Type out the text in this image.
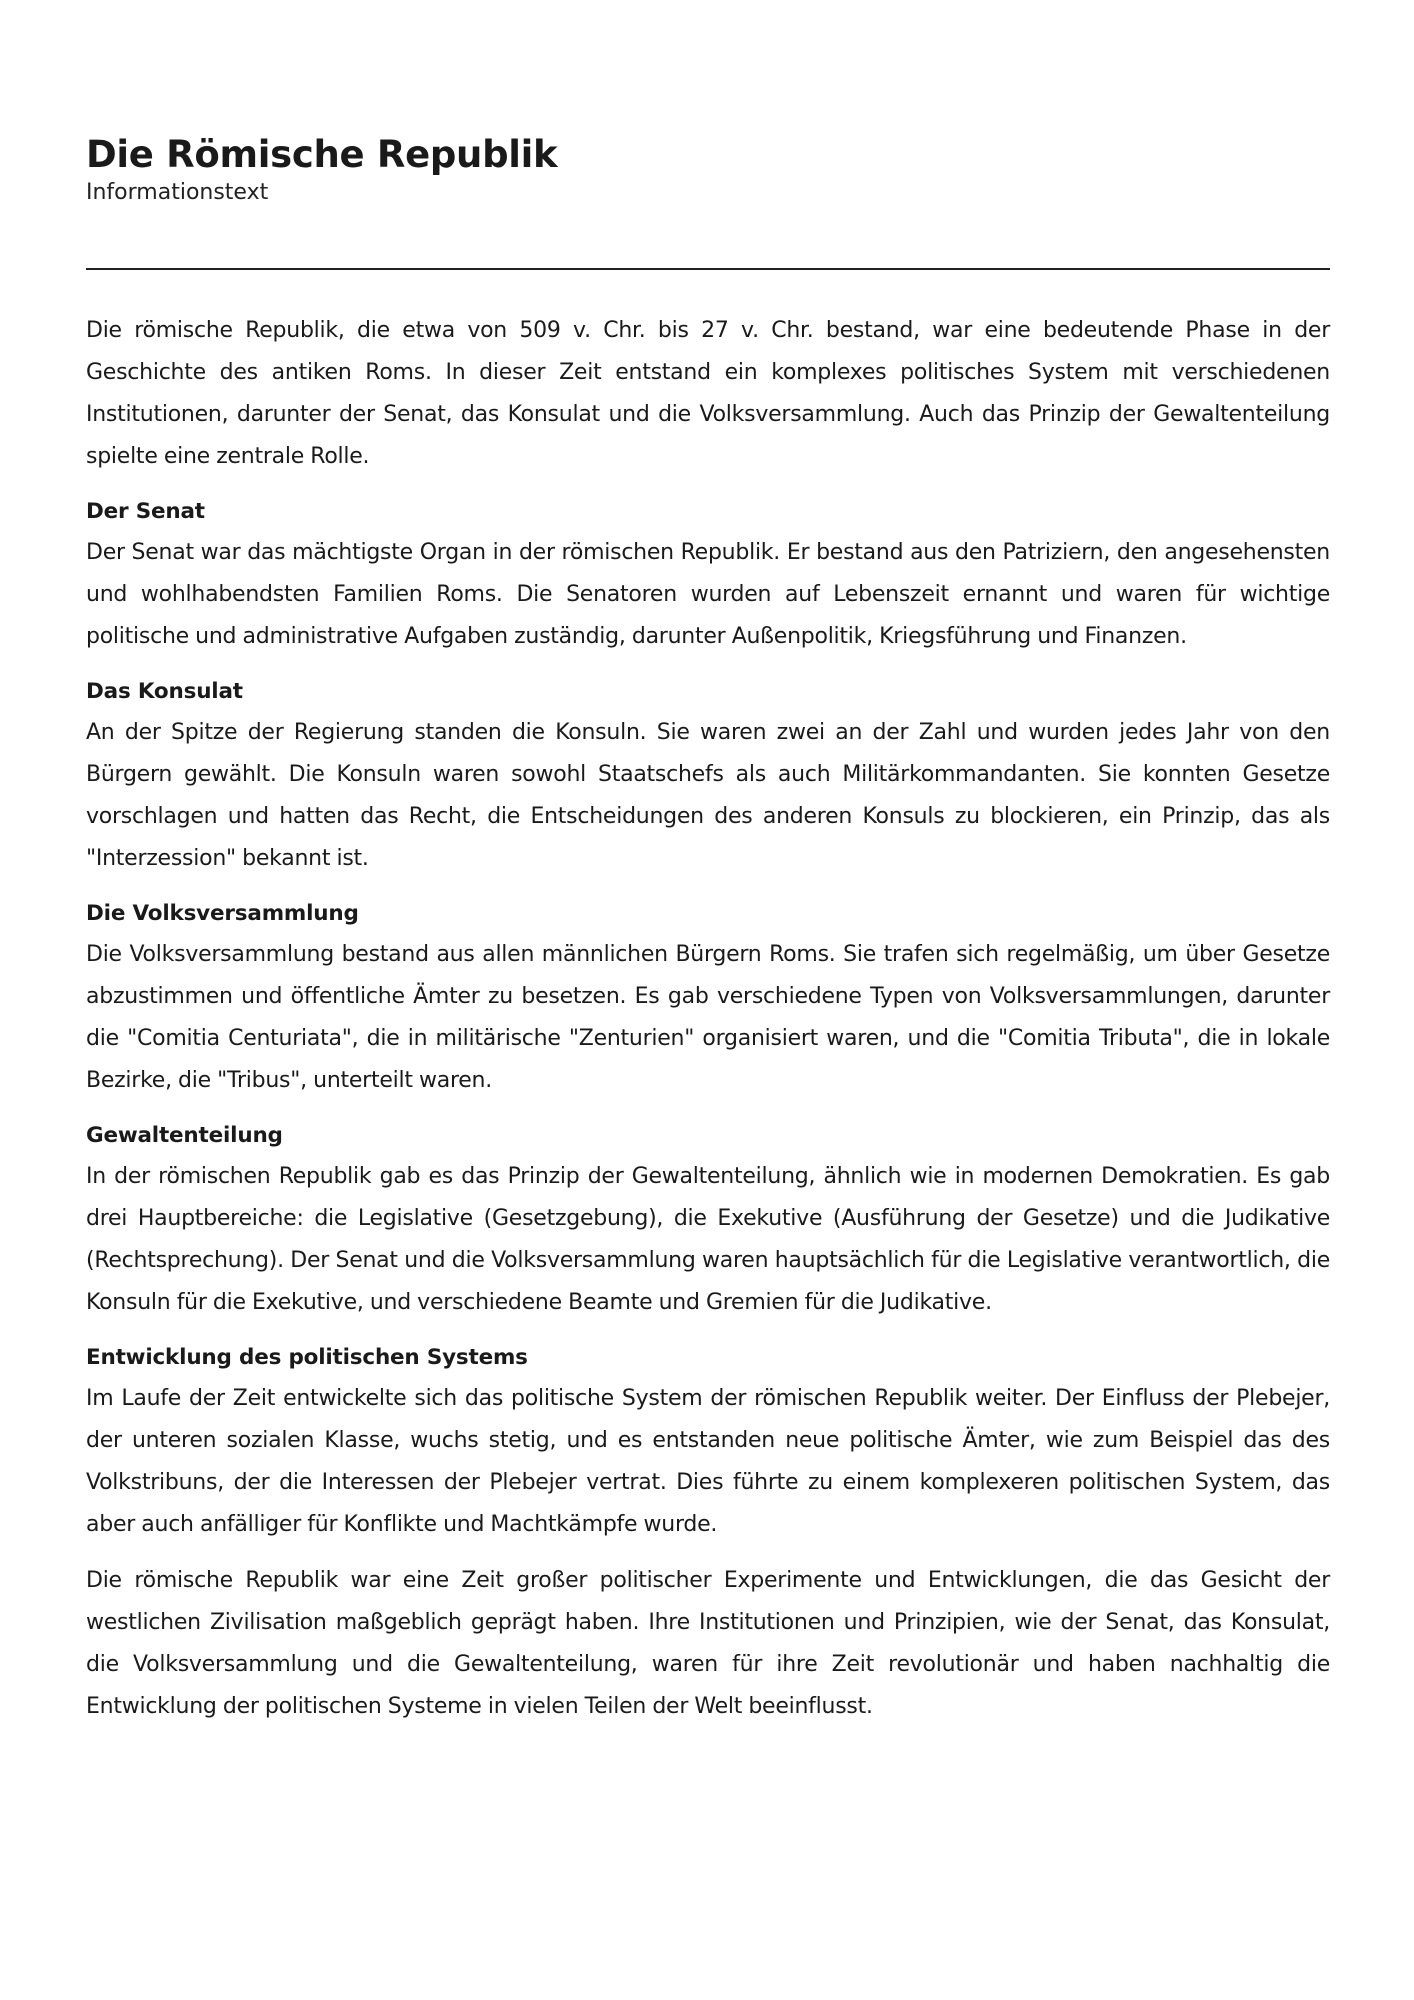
Die Römische Republik

Informationstext

Die römische Republik, die etwa von 509 v. Chr. bis 27 v. Chr. bestand, war eine bedeutende Phase in der Geschichte des antiken Roms. In dieser Zeit entstand ein komplexes politisches System mit verschiedenen Institutionen, darunter der Senat, das Konsulat und die Volksversammlung. Auch das Prinzip der Gewaltenteilung spielte eine zentrale Rolle.

Der Senat

Der Senat war das mächtigste Organ in der römischen Republik. Er bestand aus den Patriziern, den angesehensten und wohlhabendsten Familien Roms. Die Senatoren wurden auf Lebenszeit ernannt und waren für wichtige politische und administrative Aufgaben zuständig, darunter Außenpolitik, Kriegsführung und Finanzen.

Das Konsulat

An der Spitze der Regierung standen die Konsuln. Sie waren zwei an der Zahl und wurden jedes Jahr von den Bürgern gewählt. Die Konsuln waren sowohl Staatschefs als auch Militärkommandanten. Sie konnten Gesetze vorschlagen und hatten das Recht, die Entscheidungen des anderen Konsuls zu blockieren, ein Prinzip, das als "Interzession" bekannt ist.

Die Volksversammlung

Die Volksversammlung bestand aus allen männlichen Bürgern Roms. Sie trafen sich regelmäßig, um über Gesetze abzustimmen und öffentliche Ämter zu besetzen. Es gab verschiedene Typen von Volksversammlungen, darunter die "Comitia Centuriata", die in militärische "Zenturien" organisiert waren, und die "Comitia Tributa", die in lokale Bezirke, die "Tribus", unterteilt waren.

Gewaltenteilung

In der römischen Republik gab es das Prinzip der Gewaltenteilung, ähnlich wie in modernen Demokratien. Es gab drei Hauptbereiche: die Legislative (Gesetzgebung), die Exekutive (Ausführung der Gesetze) und die Judikative (Rechtsprechung). Der Senat und die Volksversammlung waren hauptsächlich für die Legislative verantwortlich, die Konsuln für die Exekutive, und verschiedene Beamte und Gremien für die Judikative.

Entwicklung des politischen Systems

Im Laufe der Zeit entwickelte sich das politische System der römischen Republik weiter. Der Einfluss der Plebejer, der unteren sozialen Klasse, wuchs stetig, und es entstanden neue politische Ämter, wie zum Beispiel das des Volkstribuns, der die Interessen der Plebejer vertrat. Dies führte zu einem komplexeren politischen System, das aber auch anfälliger für Konflikte und Machtkämpfe wurde.

Die römische Republik war eine Zeit großer politischer Experimente und Entwicklungen, die das Gesicht der westlichen Zivilisation maßgeblich geprägt haben. Ihre Institutionen und Prinzipien, wie der Senat, das Konsulat, die Volksversammlung und die Gewaltenteilung, waren für ihre Zeit revolutionär und haben nachhaltig die Entwicklung der politischen Systeme in vielen Teilen der Welt beeinflusst.
